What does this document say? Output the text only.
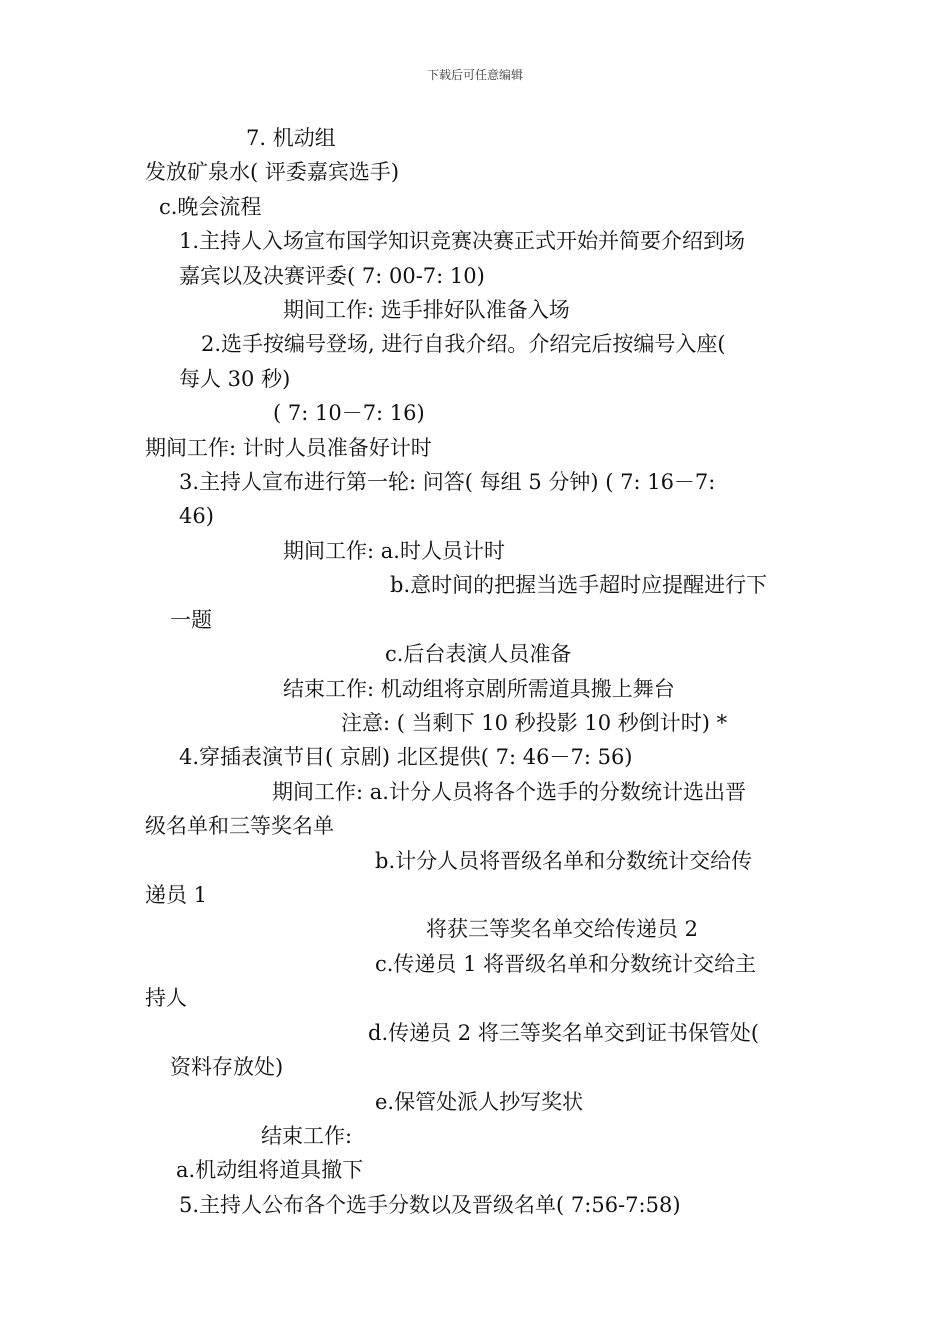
下载后可任意编辑
7. 机动组
发放矿泉水( 评委嘉宾选手)
c.晚会流程
1.主持人入场宣布国学知识竞赛决赛正式开始并简要介绍到场
嘉宾以及决赛评委( 7: 00-7: 10)
期间工作: 选手排好队准备入场
2.选手按编号登场, 进行自我介绍。介绍完后按编号入座(
每人 30 秒)
( 7: 10－7: 16)
期间工作: 计时人员准备好计时
3.主持人宣布进行第一轮: 问答( 每组 5 分钟) ( 7: 16－7:
46)
期间工作: a.时人员计时
b.意时间的把握当选手超时应提醒进行下
一题
c.后台表演人员准备
结束工作: 机动组将京剧所需道具搬上舞台
注意: ( 当剩下 10 秒投影 10 秒倒计时) *
4.穿插表演节目( 京剧) 北区提供( 7: 46－7: 56)
期间工作: a.计分人员将各个选手的分数统计选出晋
级名单和三等奖名单
b.计分人员将晋级名单和分数统计交给传
递员 1
将获三等奖名单交给传递员 2
c.传递员 1 将晋级名单和分数统计交给主
持人
d.传递员 2 将三等奖名单交到证书保管处(
资料存放处)
e.保管处派人抄写奖状
结束工作:
a.机动组将道具撤下
5.主持人公布各个选手分数以及晋级名单( 7:56-7:58)
